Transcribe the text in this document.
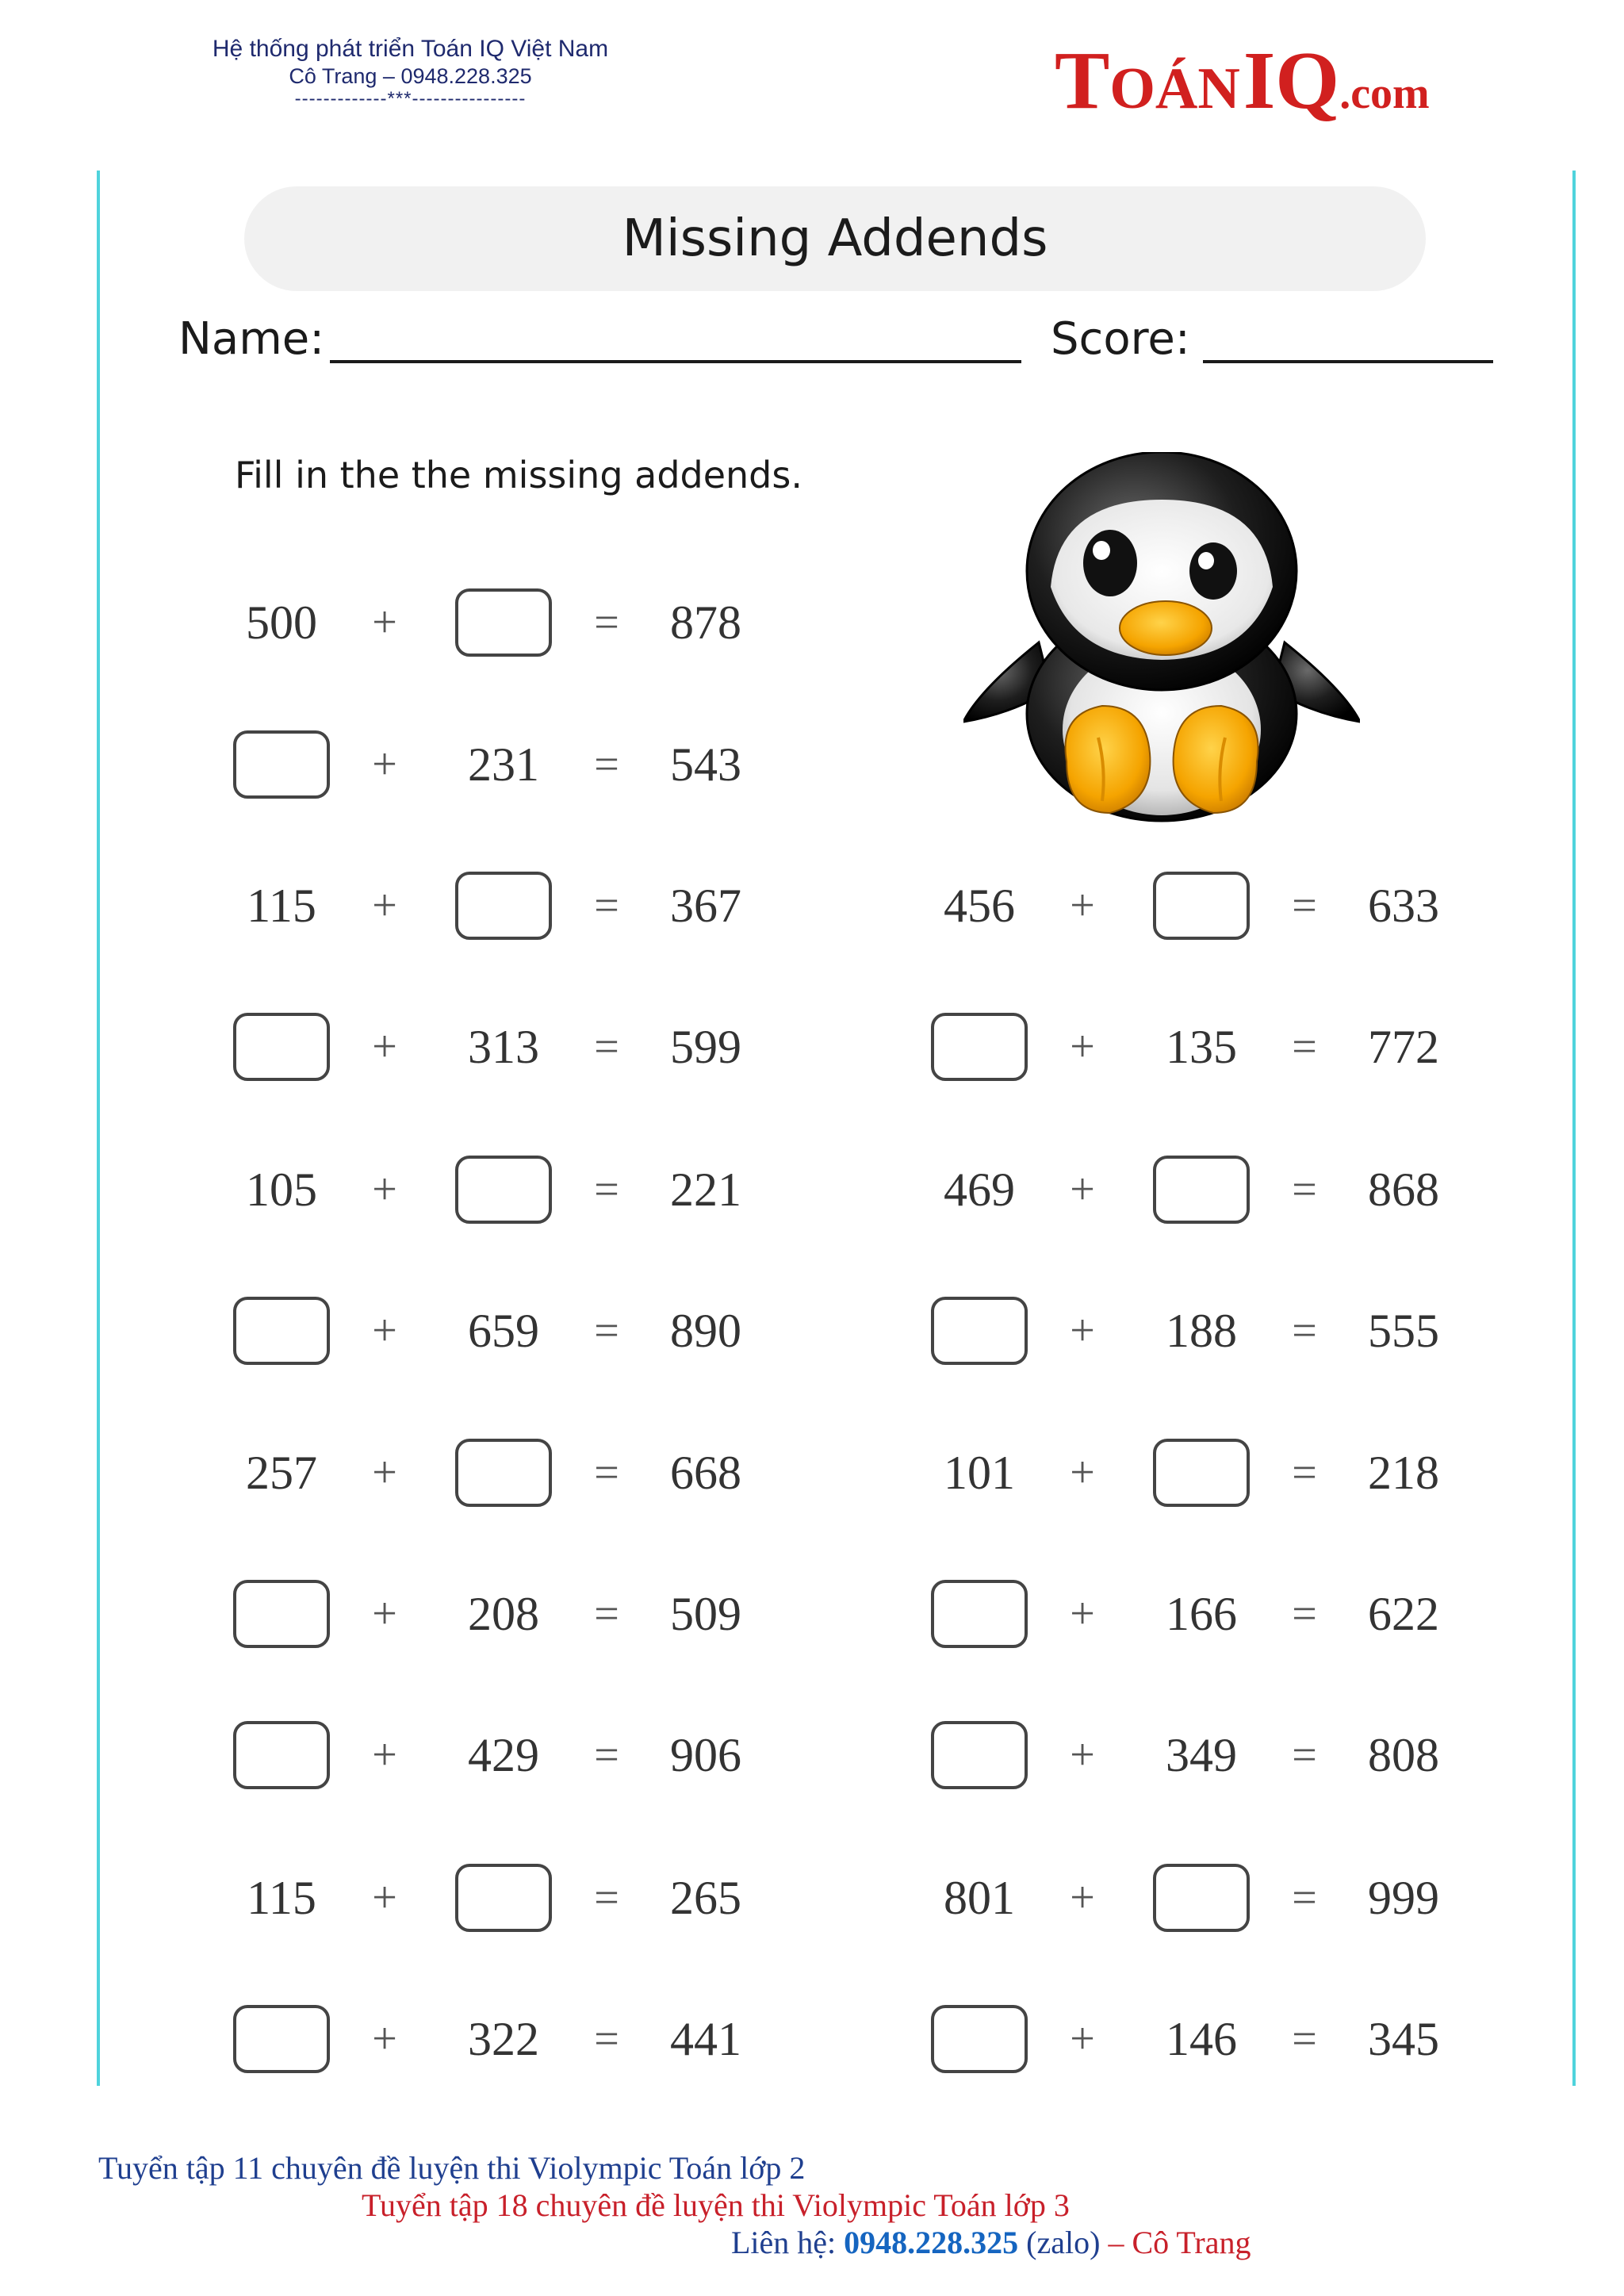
Hệ thống phát triển Toán IQ Việt Nam
Cô Trang – 0948.228.325
-------------***----------------	TOÁN IQ.com
Missing Addends
Name:	Score:
Fill in the the missing addends.
500	+	=	878
+	231	=	543
115	+	=	367
+	313	=	599
105	+	=	221
+	659	=	890
257	+	=	668
+	208	=	509
+	429	=	906
115	+	=	265
+	322	=	441
456	+	=	633
+	135	=	772
469	+	=	868
+	188	=	555
101	+	=	218
+	166	=	622
+	349	=	808
801	+	=	999
+	146	=	345
Tuyển tập 11 chuyên đề luyện thi Violympic Toán lớp 2
Tuyển tập 18 chuyên đề luyện thi Violympic Toán lớp 3
Liên hệ: 0948.228.325 (zalo) – Cô Trang
